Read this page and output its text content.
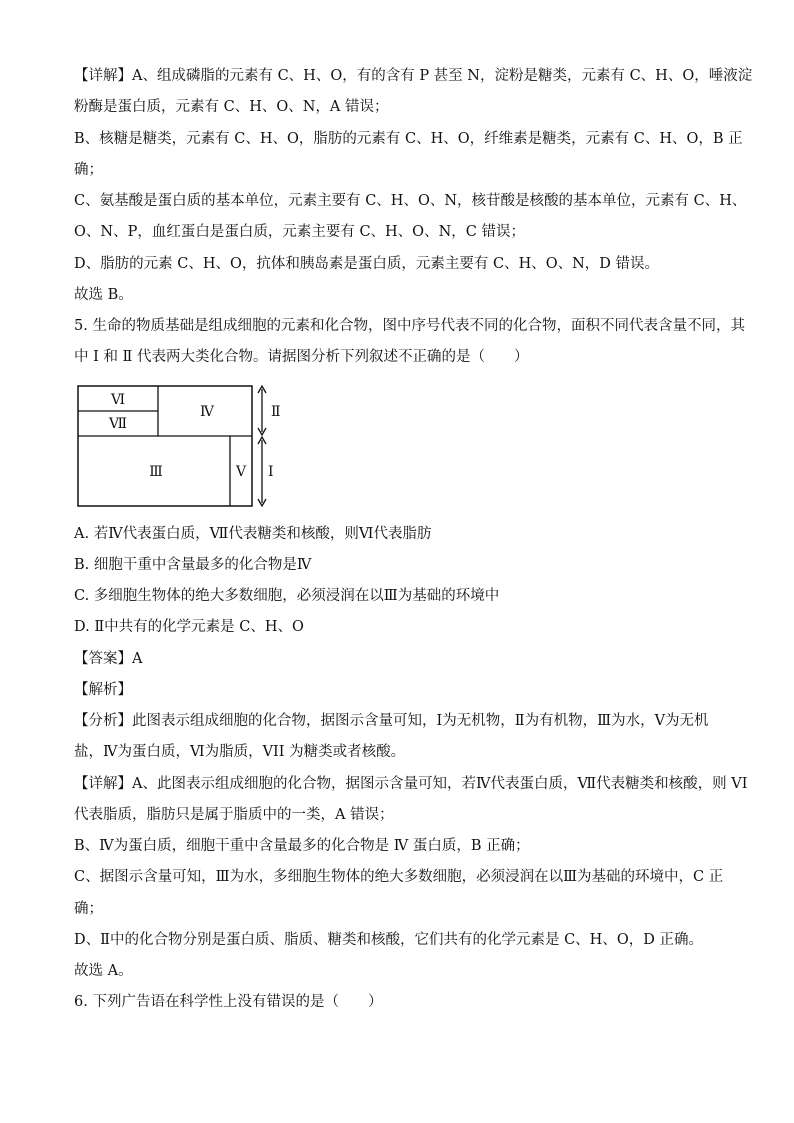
【详解】A、组成磷脂的元素有 C、H、O，有的含有 P 甚至 N，淀粉是糖类，元素有 C、H、O，唾液淀
粉酶是蛋白质，元素有 C、H、O、N，A 错误；
B、核糖是糖类，元素有 C、H、O，脂肪的元素有 C、H、O，纤维素是糖类，元素有 C、H、O，B 正
确；
C、氨基酸是蛋白质的基本单位，元素主要有 C、H、O、N，核苷酸是核酸的基本单位，元素有 C、H、
O、N、P，血红蛋白是蛋白质，元素主要有 C、H、O、N，C 错误；
D、脂肪的元素 C、H、O，抗体和胰岛素是蛋白质，元素主要有 C、H、O、N，D 错误。
故选 B。
5. 生命的物质基础是组成细胞的元素和化合物，图中序号代表不同的化合物，面积不同代表含量不同，其
中 Ⅰ 和 Ⅱ 代表两大类化合物。请据图分析下列叙述不正确的是（　　）
Ⅵ
Ⅶ
Ⅳ
Ⅲ	Ⅴ
Ⅱ
Ⅰ
A. 若Ⅳ代表蛋白质，Ⅶ代表糖类和核酸，则Ⅵ代表脂肪
B. 细胞干重中含量最多的化合物是Ⅳ
C. 多细胞生物体的绝大多数细胞，必须浸润在以Ⅲ为基础的环境中
D. Ⅱ中共有的化学元素是 C、H、O
【答案】A
【解析】
【分析】此图表示组成细胞的化合物，据图示含量可知，Ⅰ为无机物，Ⅱ为有机物，Ⅲ为水，Ⅴ为无机
盐，Ⅳ为蛋白质，Ⅵ为脂质，VII 为糖类或者核酸。
【详解】A、此图表示组成细胞的化合物，据图示含量可知，若Ⅳ代表蛋白质，Ⅶ代表糖类和核酸，则 VI
代表脂质，脂肪只是属于脂质中的一类，A 错误；
B、Ⅳ为蛋白质，细胞干重中含量最多的化合物是 Ⅳ 蛋白质，B 正确；
C、据图示含量可知，Ⅲ为水，多细胞生物体的绝大多数细胞，必须浸润在以Ⅲ为基础的环境中，C 正
确；
D、Ⅱ中的化合物分别是蛋白质、脂质、糖类和核酸，它们共有的化学元素是 C、H、O，D 正确。
故选 A。
6. 下列广告语在科学性上没有错误的是（　　）
